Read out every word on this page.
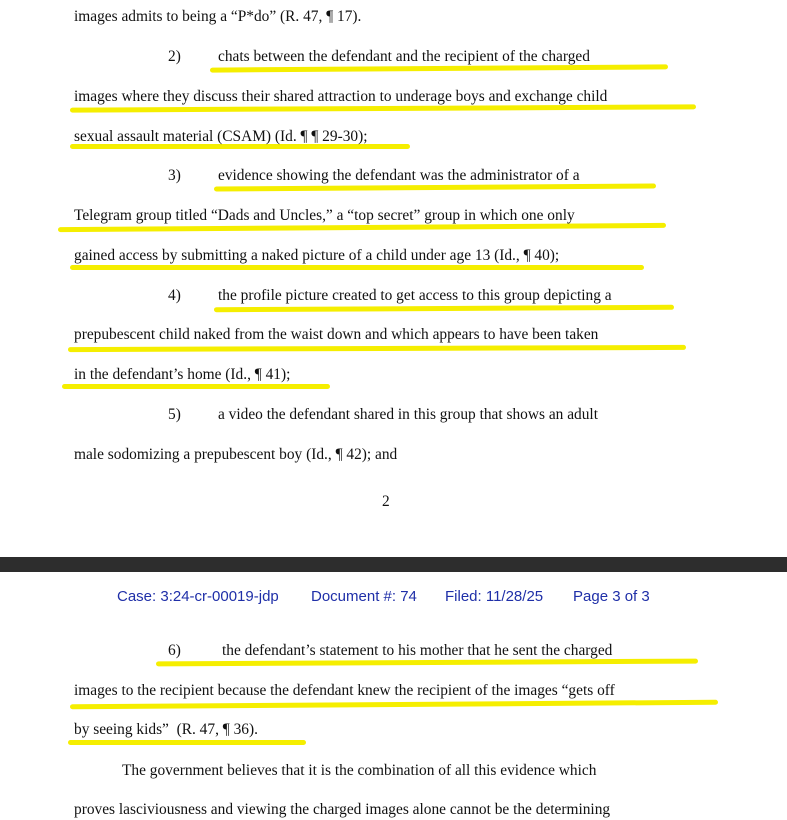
images admits to being a “P*do” (R. 47, ¶ 17).
2) chats between the defendant and the recipient of the charged
images where they discuss their shared attraction to underage boys and exchange child
sexual assault material (CSAM) (Id. ¶ ¶ 29-30);
3) evidence showing the defendant was the administrator of a
Telegram group titled “Dads and Uncles,” a “top secret” group in which one only
gained access by submitting a naked picture of a child under age 13 (Id., ¶ 40);
4) the profile picture created to get access to this group depicting a
prepubescent child naked from the waist down and which appears to have been taken
in the defendant’s home (Id., ¶ 41);
5) a video the defendant shared in this group that shows an adult
male sodomizing a prepubescent boy (Id., ¶ 42); and
2
Case: 3:24-cr-00019-jdp Document #: 74 Filed: 11/28/25 Page 3 of 3
6)	the defendant’s statement to his mother that he sent the charged
images to the recipient because the defendant knew the recipient of the images “gets off
by seeing kids”  (R. 47, ¶ 36).
The government believes that it is the combination of all this evidence which
proves lasciviousness and viewing the charged images alone cannot be the determining
